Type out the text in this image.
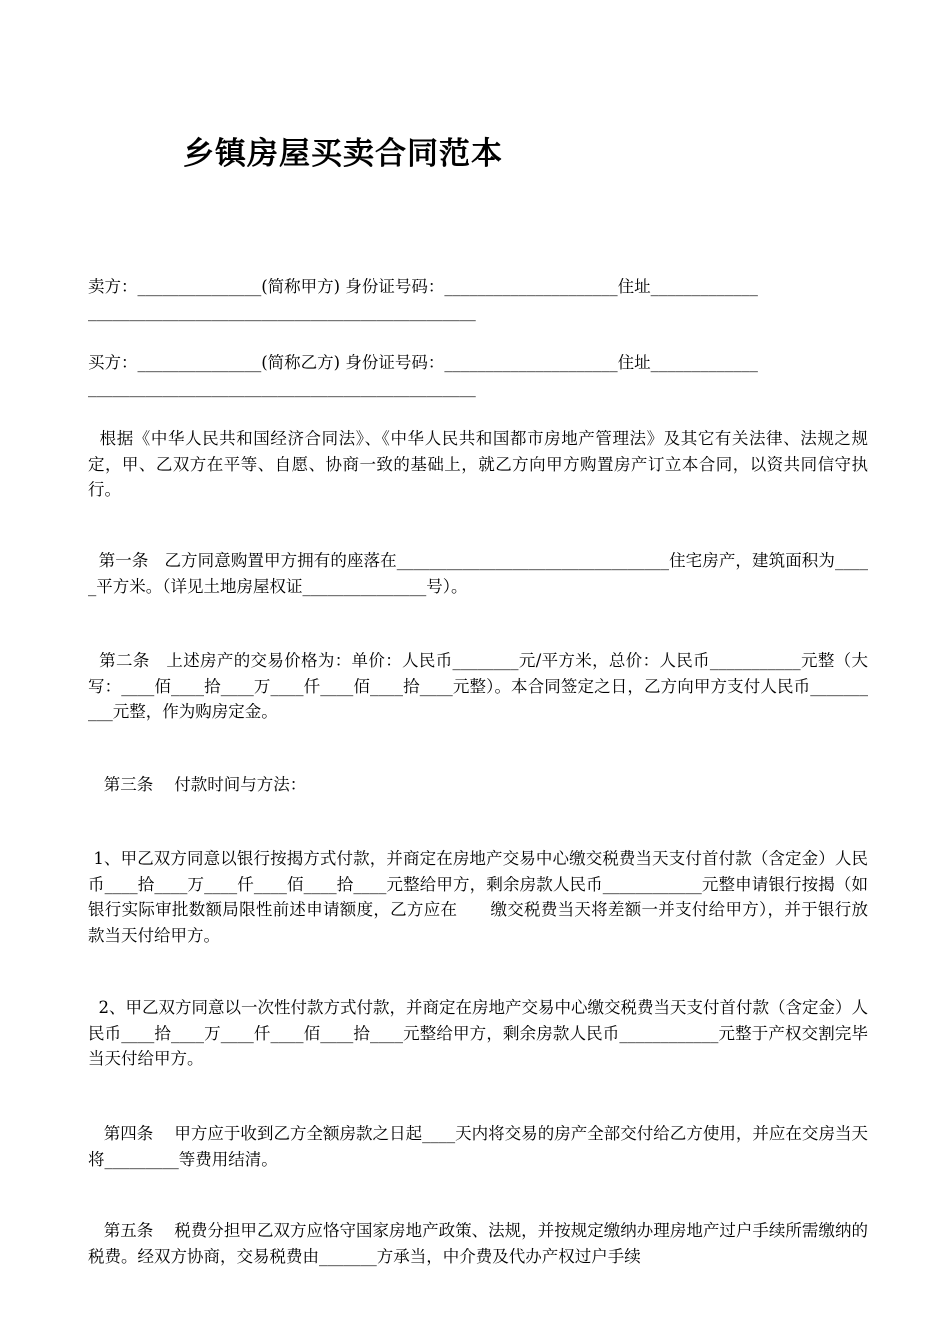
乡镇房屋买卖合同范本
卖方：_______________(简称甲方) 身份证号码：_____________________住址_____________
_______________________________________________
买方：_______________(简称乙方) 身份证号码：_____________________住址_____________
_______________________________________________
根据《中华人民共和国经济合同法》、《中华人民共和国都市房地产管理法》及其它有关法律、法规之规定，甲、乙双方在平等、自愿、协商一致的基础上，就乙方向甲方购置房产订立本合同，以资共同信守执行。
第一条   乙方同意购置甲方拥有的座落在_________________________________住宅房产，建筑面积为_____平方米。（详见土地房屋权证_______________号）。
第二条   上述房产的交易价格为：单价：人民币________元/平方米，总价：人民币___________元整（大写：____佰____拾____万____仟____佰____拾____元整）。本合同签定之日，乙方向甲方支付人民币__________元整，作为购房定金。
第三条    付款时间与方法：
1、甲乙双方同意以银行按揭方式付款，并商定在房地产交易中心缴交税费当天支付首付款（含定金）人民币____拾____万____仟____佰____拾____元整给甲方，剩余房款人民币____________元整申请银行按揭（如银行实际审批数额局限性前述申请额度，乙方应在      缴交税费当天将差额一并支付给甲方），并于银行放款当天付给甲方。
2、甲乙双方同意以一次性付款方式付款，并商定在房地产交易中心缴交税费当天支付首付款（含定金）人民币____拾____万____仟____佰____拾____元整给甲方，剩余房款人民币____________元整于产权交割完毕当天付给甲方。
第四条    甲方应于收到乙方全额房款之日起____天内将交易的房产全部交付给乙方使用，并应在交房当天将_________等费用结清。
第五条    税费分担甲乙双方应恪守国家房地产政策、法规，并按规定缴纳办理房地产过户手续所需缴纳的税费。经双方协商，交易税费由_______方承当，中介费及代办产权过户手续
